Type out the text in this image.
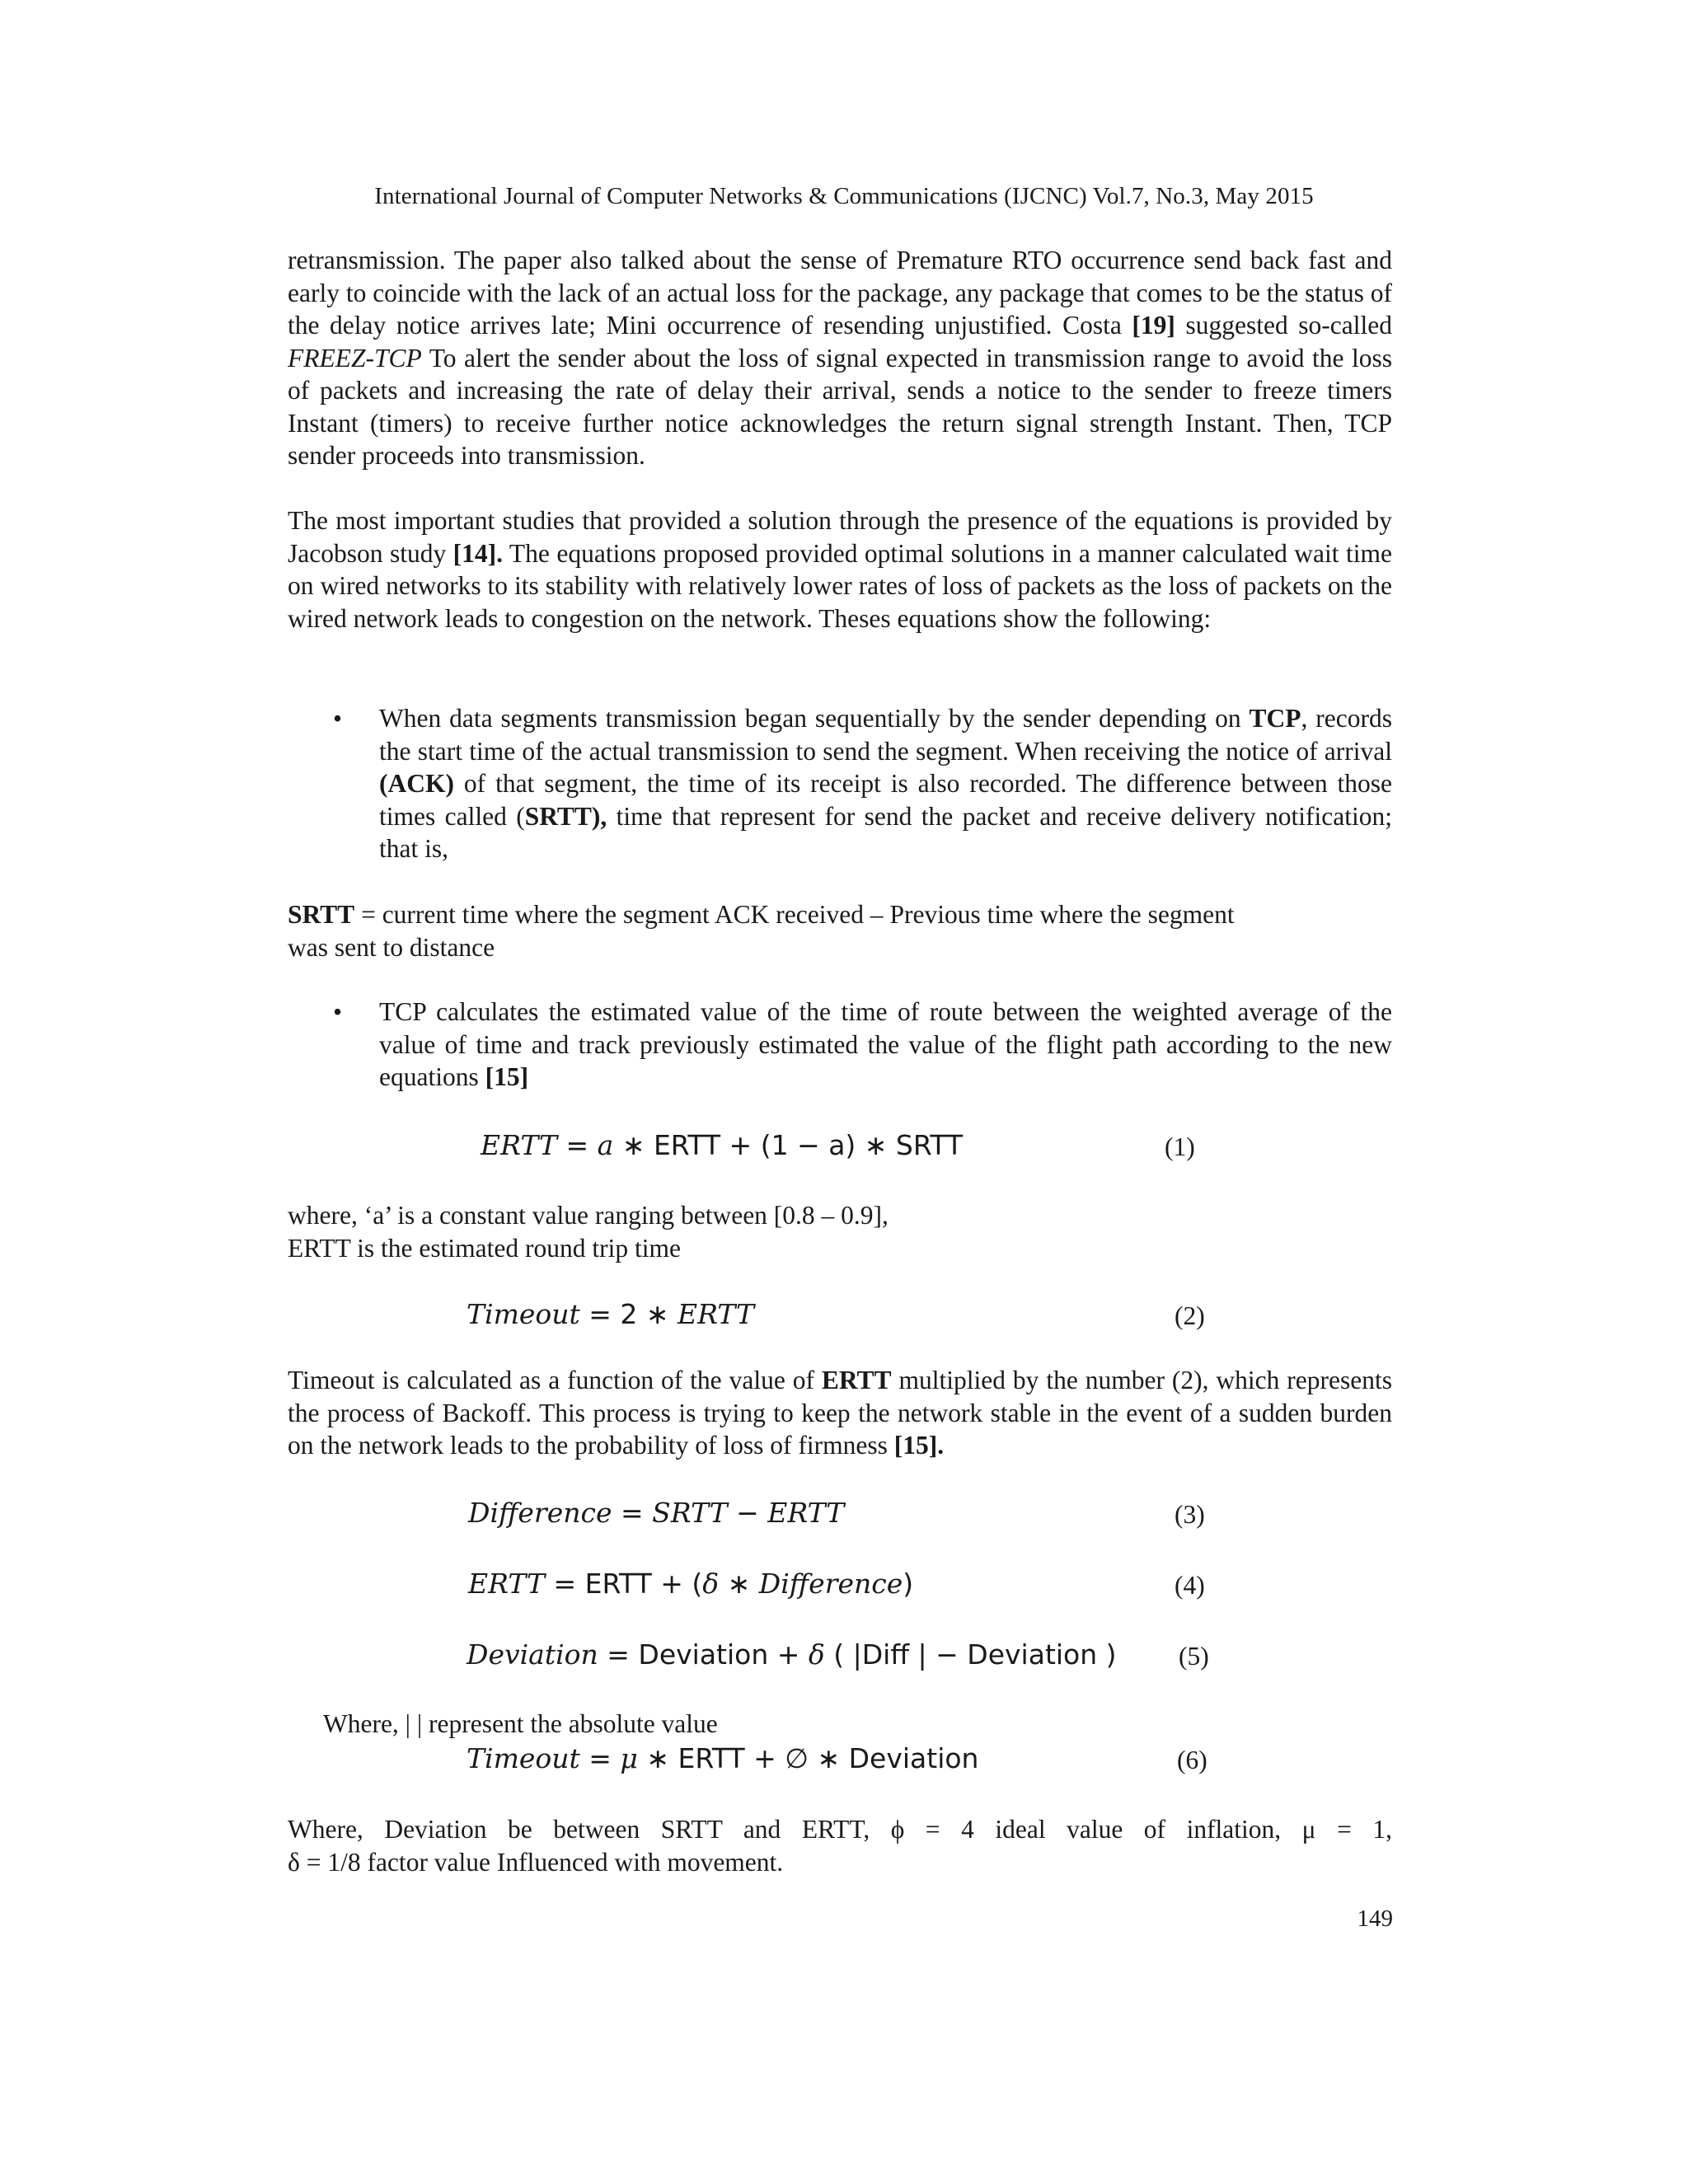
International Journal of Computer Networks & Communications (IJCNC) Vol.7, No.3, May 2015

retransmission. The paper also talked about the sense of Premature RTO occurrence send back fast and early to coincide with the lack of an actual loss for the package, any package that comes to be the status of the delay notice arrives late; Mini occurrence of resending unjustified. Costa [19] suggested so-called FREEZ-TCP To alert the sender about the loss of signal expected in transmission range to avoid the loss of packets and increasing the rate of delay their arrival, sends a notice to the sender to freeze timers Instant (timers) to receive further notice acknowledges the return signal strength Instant. Then, TCP sender proceeds into transmission.

The most important studies that provided a solution through the presence of the equations is provided by Jacobson study [14]. The equations proposed provided optimal solutions in a manner calculated wait time on wired networks to its stability with relatively lower rates of loss of packets as the loss of packets on the wired network leads to congestion on the network. Theses equations show the following:

• When data segments transmission began sequentially by the sender depending on TCP, records the start time of the actual transmission to send the segment. When receiving the notice of arrival (ACK) of that segment, the time of its receipt is also recorded. The difference between those times called (SRTT), time that represent for send the packet and receive delivery notification; that is,
SRTT = current time where the segment ACK received – Previous time where the segment
was sent to distance
• TCP calculates the estimated value of the time of route between the weighted average of the value of time and track previously estimated the value of the flight path according to the new equations [15]
ERTT = a ∗ ERTT + (1 − a) ∗ SRTT	(1)
where, ‘a’ is a constant value ranging between [0.8 – 0.9],
ERTT is the estimated round trip time
Timeout = 2 ∗ ERTT	(2)

Timeout is calculated as a function of the value of ERTT multiplied by the number (2), which represents the process of Backoff. This process is trying to keep the network stable in the event of a sudden burden on the network leads to the probability of loss of firmness [15].

Difference = SRTT − ERTT	(3)
ERTT = ERTT + (δ ∗ Difference)	(4)
Deviation = Deviation + δ ( |Diff | − Deviation ) (5)
Where, | | represent the absolute value
Timeout = μ ∗ ERTT + ∅ ∗ Deviation	(6)

Where, Deviation be between SRTT and ERTT, ϕ = 4 ideal value of inflation, μ = 1,

δ = 1/8 factor value Influenced with movement.

149
